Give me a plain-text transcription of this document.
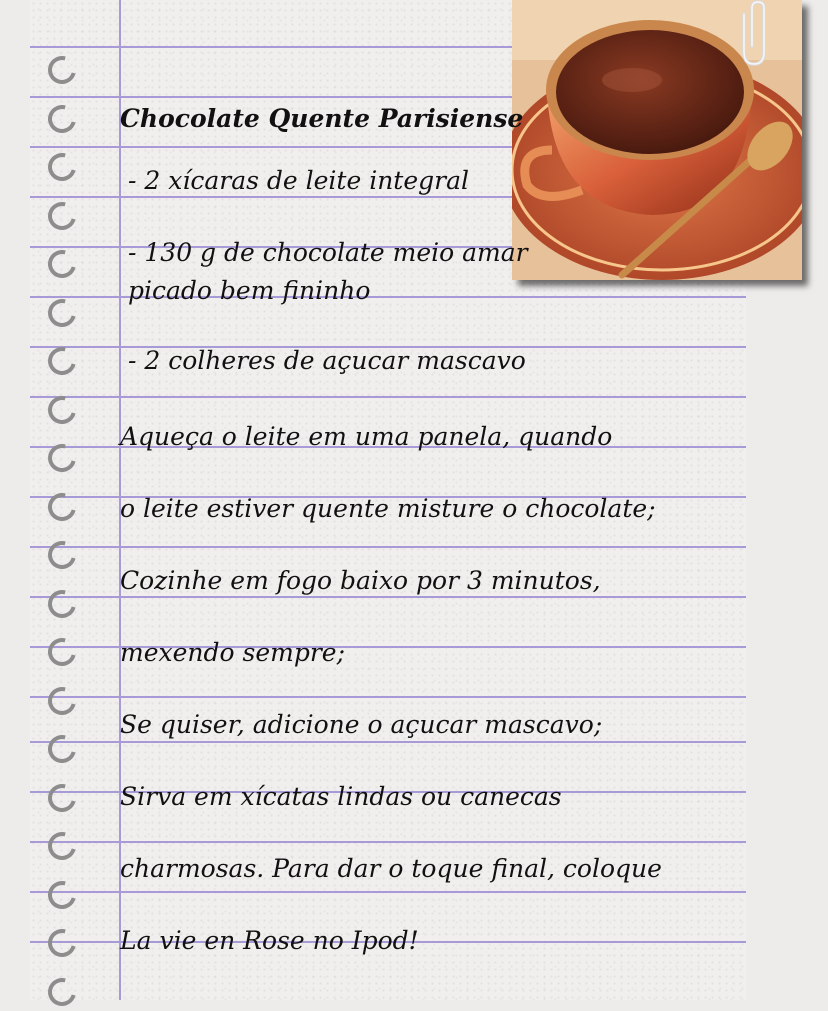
Chocolate Quente Parisiense
- 2 xícaras de leite integral
- 130 g de chocolate meio amar
picado bem fininho
- 2 colheres de açucar mascavo
Aqueça o leite em uma panela, quando
o leite estiver quente misture o chocolate;
Cozinhe em fogo baixo por 3 minutos,
mexendo sempre;
Se quiser, adicione o açucar mascavo;
Sirva em xícatas lindas ou canecas
charmosas. Para dar o toque final, coloque
La vie en Rose no Ipod!
